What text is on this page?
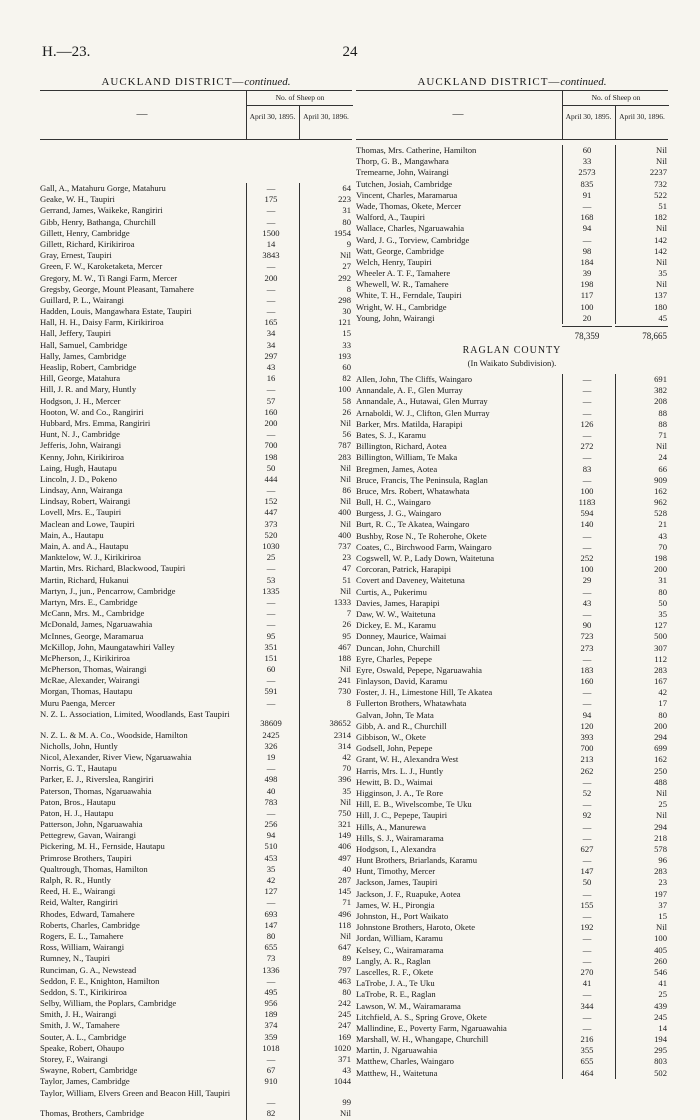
H.—23.	24
AUCKLAND DISTRICT—continued.
—
No. of Sheep on
April 30, 1895.	April 30, 1896.
Gall, A., Matahuru Gorge, Matahuru	—	64
Geake, W. H., Taupiri	175	223
Gerrand, James, Waikeke, Rangiriri	—	31
Gibb, Henry, Bathanga, Churchill	—	80
Gillett, Henry, Cambridge	1500	1954
Gillett, Richard, Kirikiriroa	14	9
Gray, Ernest, Taupiri	3843	Nil
Green, F. W., Karoketaketa, Mercer	—	27
Gregory, M. W., Ti Rangi Farm, Mercer	200	292
Gregsby, George, Mount Pleasant, Tamahere	—	8
Guillard, P. L., Wairangi	—	298
Hadden, Louis, Mangawhara Estate, Taupiri	—	30
Hall, H. H., Daisy Farm, Kirikiriroa	165	121
Hall, Jeffery, Taupiri	34	15
Hall, Samuel, Cambridge	34	33
Hally, James, Cambridge	297	193
Heaslip, Robert, Cambridge	43	60
Hill, George, Matahura	16	82
Hill, J. R. and Mary, Huntly	—	100
Hodgson, J. H., Mercer	57	58
Hooton, W. and Co., Rangiriri	160	26
Hubbard, Mrs. Emma, Rangiriri	200	Nil
Hunt, N. J., Cambridge	—	56
Jefferis, John, Wairangi	700	787
Kenny, John, Kirikiriroa	198	283
Laing, Hugh, Hautapu	50	Nil
Lincoln, J. D., Pokeno	444	Nil
Lindsay, Ann, Wairanga	—	86
Lindsay, Robert, Wairangi	152	Nil
Lovell, Mrs. E., Taupiri	447	400
Maclean and Lowe, Taupiri	373	Nil
Main, A., Hautapu	520	400
Main, A. and A., Hautapu	1030	737
Manktelow, W. J., Kirikiriroa	25	23
Martin, Mrs. Richard, Blackwood, Taupiri	—	47
Martin, Richard, Hukanui	53	51
Martyn, J., jun., Pencarrow, Cambridge	1335	Nil
Martyn, Mrs. E., Cambridge	—	1333
McCann, Mrs. M., Cambridge	—	7
McDonald, James, Ngaruawahia	—	26
McInnes, George, Maramarua	95	95
McKillop, John, Maungatawhiri Valley	351	467
McPherson, J., Kirikiriroa	151	188
McPherson, Thomas, Wairangi	60	Nil
McRae, Alexander, Wairangi	—	241
Morgan, Thomas, Hautapu	591	730
Muru Paenga, Mercer	—	8
N. Z. L. Association, Limited, Woodlands, East Taupiri
38609	38652
N. Z. L. & M. A. Co., Woodside, Hamilton	2425	2314
Nicholls, John, Huntly	326	314
Nicol, Alexander, River View, Ngaruawahia	19	42
Norris, G. T., Hautapu	—	70
Parker, E. J., Riverslea, Rangiriri	498	396
Paterson, Thomas, Ngaruawahia	40	35
Paton, Bros., Hautapu	783	Nil
Paton, H. J., Hautapu	—	750
Patterson, John, Ngaruawahia	256	321
Pettegrew, Gavan, Wairangi	94	149
Pickering, M. H., Fernside, Hautapu	510	406
Primrose Brothers, Taupiri	453	497
Qualtrough, Thomas, Hamilton	35	40
Ralph, R. R., Huntly	42	287
Reed, H. E., Wairangi	127	145
Reid, Walter, Rangiriri	—	71
Rhodes, Edward, Tamahere	693	496
Roberts, Charles, Cambridge	147	118
Rogers, E. L., Tamahere	80	Nil
Ross, William, Wairangi	655	647
Rumney, N., Taupiri	73	89
Runciman, G. A., Newstead	1336	797
Seddon, F. E., Knighton, Hamilton	—	463
Seddon, S. T., Kirikiriroa	495	80
Selby, William, the Poplars, Cambridge	956	242
Smith, J. H., Wairangi	189	245
Smith, J. W., Tamahere	374	247
Souter, A. L., Cambridge	359	169
Speake, Robert, Ohaupo	1018	1020
Storey, F., Wairangi	—	371
Swayne, Robert, Cambridge	67	43
Taylor, James, Cambridge	910	1044
Taylor, William, Elvers Green and Beacon Hill, Taupiri
—	99
Thomas, Brothers, Cambridge	82	Nil
AUCKLAND DISTRICT—continued.
—
No. of Sheep on
April 30, 1895.	April 30, 1896.
Thomas, Mrs. Catherine, Hamilton	60	Nil
Thorp, G. B., Mangawhara	33	Nil
Tremearne, John, Wairangi	2573	2237
Tutchen, Josiah, Cambridge	835	732
Vincent, Charles, Maramarua	91	522
Wade, Thomas, Okete, Mercer	—	51
Walford, A., Taupiri	168	182
Wallace, Charles, Ngaruawahia	94	Nil
Ward, J. G., Torview, Cambridge	—	142
Watt, George, Cambridge	98	142
Welch, Henry, Taupiri	184	Nil
Wheeler A. T. F., Tamahere	39	35
Whewell, W. R., Tamahere	198	Nil
White, T. H., Ferndale, Taupiri	117	137
Wright, W. H., Cambridge	100	180
Young, John, Wairangi	20	45
78,359	78,665
RAGLAN COUNTY
(In Waikato Subdivision).
Allen, John, The Cliffs, Waingaro	—	691
Annandale, A. F., Glen Murray	—	382
Annandale, A., Hutawai, Glen Murray	—	208
Arnaboldi, W. J., Clifton, Glen Murray	—	88
Barker, Mrs. Matilda, Harapipi	126	88
Bates, S. J., Karamu	—	71
Billington, Richard, Aotea	272	Nil
Billington, William, Te Maka	—	24
Bregmen, James, Aotea	83	66
Bruce, Francis, The Peninsula, Raglan	—	909
Bruce, Mrs. Robert, Whatawhata	100	162
Bull, H. C., Waingaro	1183	962
Burgess, J. G., Waingaro	594	528
Burt, R. C., Te Akatea, Waingaro	140	21
Bushby, Rose N., Te Roherohe, Okete	—	43
Coates, C., Birchwood Farm, Waingaro	—	70
Cogswell, W. P., Lady Down, Waitetuna	252	198
Corcoran, Patrick, Harapipi	100	200
Covert and Daveney, Waitetuna	29	31
Curtis, A., Pukerimu	—	80
Davies, James, Harapipi	43	50
Daw, W. W., Waitetuna	—	35
Dickey, E. M., Karamu	90	127
Donney, Maurice, Waimai	723	500
Duncan, John, Churchill	273	307
Eyre, Charles, Pepepe	—	112
Eyre, Oswald, Pepepe, Ngaruawahia	183	283
Finlayson, David, Karamu	160	167
Foster, J. H., Limestone Hill, Te Akatea	—	42
Fullerton Brothers, Whatawhata	—	17
Galvan, John, Te Mata	94	80
Gibb, A. and R., Churchill	120	200
Gibbison, W., Okete	393	294
Godsell, John, Pepepe	700	699
Grant, W. H., Alexandra West	213	162
Harris, Mrs. L. J., Huntly	262	250
Hewitt, B. D., Waimai	—	488
Higginson, J. A., Te Rore	52	Nil
Hill, E. B., Wivelscombe, Te Uku	—	25
Hill, J. C., Pepepe, Taupiri	92	Nil
Hills, A., Manurewa	—	294
Hills, S. J., Wairamarama	—	218
Hodgson, I., Alexandra	627	578
Hunt Brothers, Briarlands, Karamu	—	96
Hunt, Timothy, Mercer	147	283
Jackson, James, Taupiri	50	23
Jackson, J. F., Ruapuke, Aotea	—	197
James, W. H., Pirongia	155	37
Johnston, H., Port Waikato	—	15
Johnstone Brothers, Haroto, Okete	192	Nil
Jordan, William, Karamu	—	100
Kelsey, C., Wairamarama	—	405
Langly, A. R., Raglan	—	260
Lascelles, R. F., Okete	270	546
LaTrobe, J. A., Te Uku	41	41
LaTrobe, R. E., Raglan	—	25
Lawson, W. M., Wairamarama	344	439
Litchfield, A. S., Spring Grove, Okete	—	245
Mallindine, E., Poverty Farm, Ngaruawahia	—	14
Marshall, W. H., Whangape, Churchill	216	194
Martin, J. Ngaruawahia	355	295
Matthew, Charles, Waingaro	655	803
Matthew, H., Waitetuna	464	502
